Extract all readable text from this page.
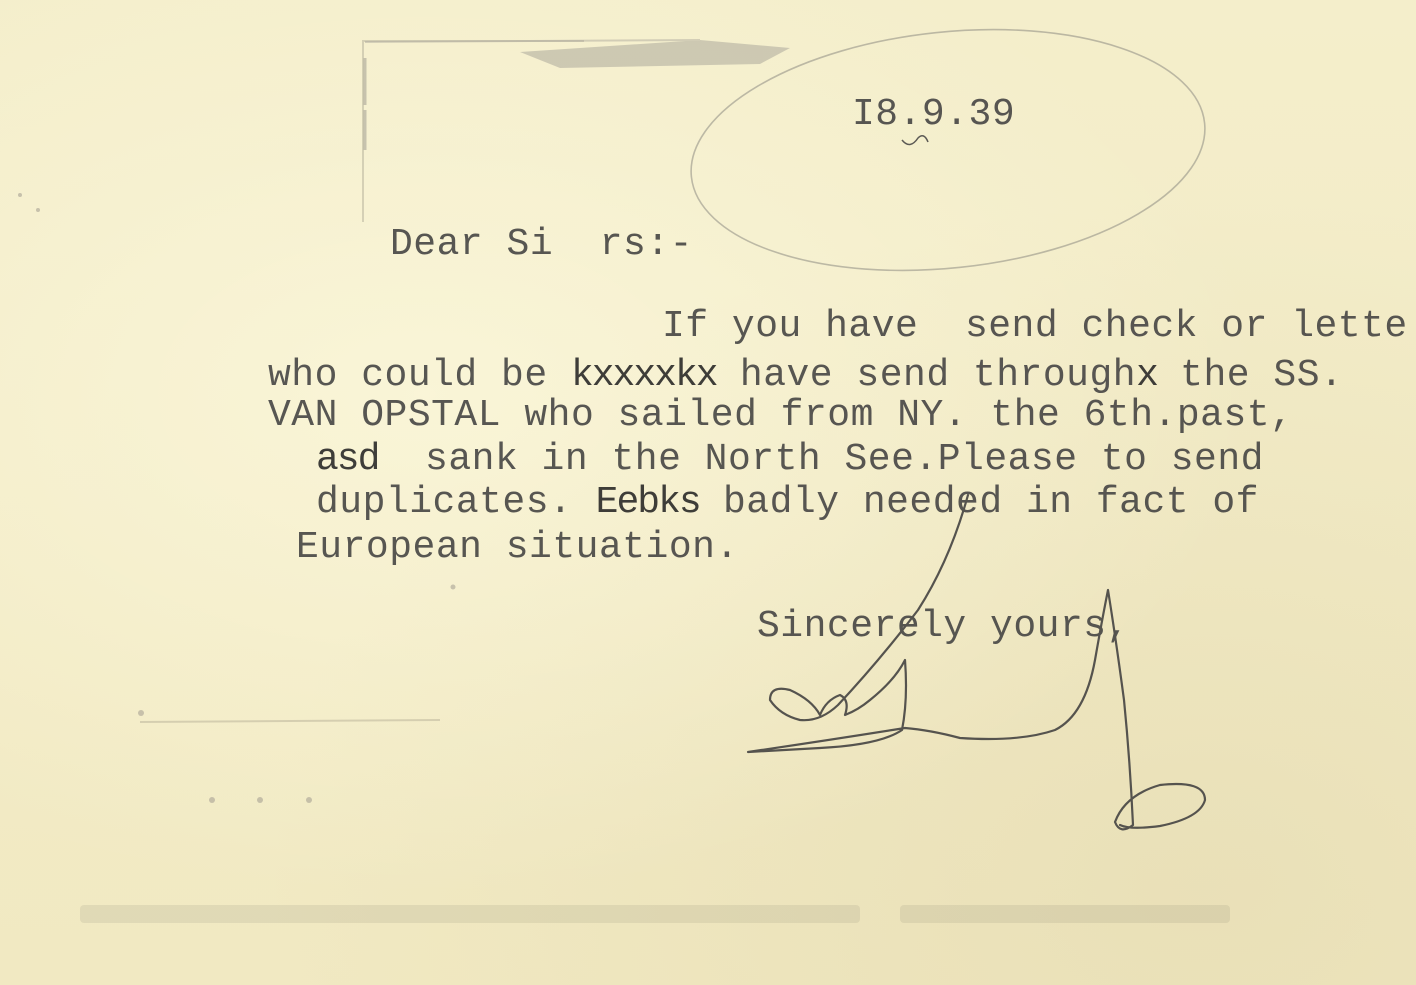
I8.9.39
Dear Si  rs:-
If you have  send check or lette
who could be kxxxxkx have send throughx the SS.
VAN OPSTAL who sailed from NY. the 6th.past,
asd  sank in the North See.Please to send
duplicates. Eebks badly needed in fact of
European situation.
Sincerely yours,
